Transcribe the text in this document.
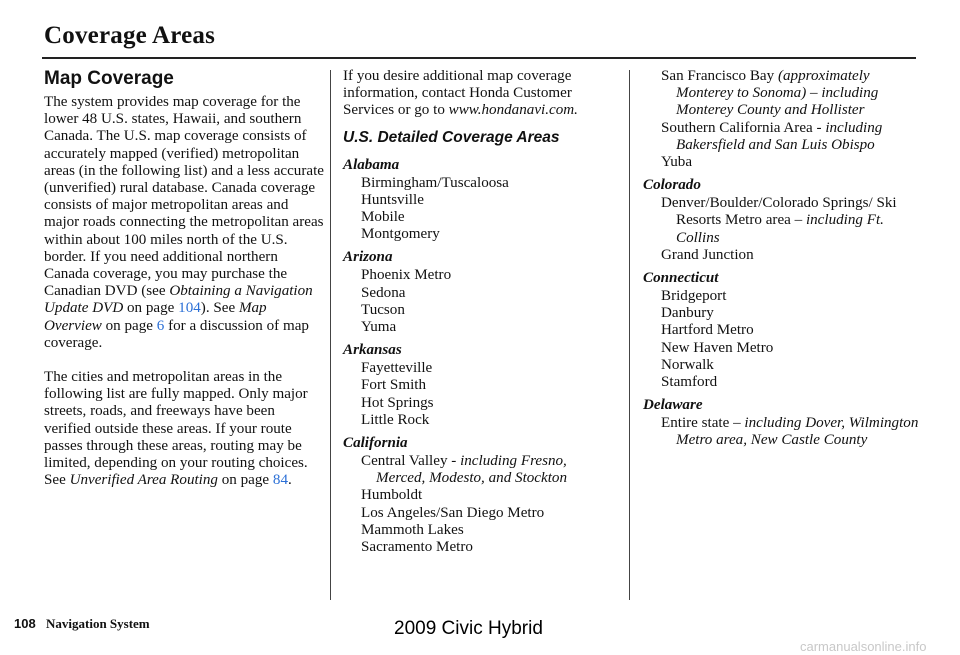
Coverage Areas
Map Coverage

The system provides map coverage for the lower 48 U.S. states, Hawaii, and southern Canada. The U.S. map coverage consists of accurately mapped (verified) metropolitan areas (in the following list) and a less accurate (unverified) rural database. Canada coverage consists of major metropolitan areas and major roads connecting the metropolitan areas within about 100 miles north of the U.S. border. If you need additional northern Canada coverage, you may purchase the Canadian DVD (see Obtaining a Navigation Update DVD on page 104). See Map Overview on page 6 for a discussion of map coverage.

The cities and metropolitan areas in the following list are fully mapped. Only major streets, roads, and freeways have been verified outside these areas. If your route passes through these areas, routing may be limited, depending on your routing choices. See Unverified Area Routing on page 84.

If you desire additional map coverage information, contact Honda Customer Services or go to www.hondanavi.com.

U.S. Detailed Coverage Areas
Alabama
Birmingham/Tuscaloosa
Huntsville
Mobile
Montgomery
Arizona
Phoenix Metro
Sedona
Tucson
Yuma
Arkansas
Fayetteville
Fort Smith
Hot Springs
Little Rock
California
Central Valley - including Fresno, Merced, Modesto, and Stockton
Humboldt
Los Angeles/San Diego Metro
Mammoth Lakes
Sacramento Metro
San Francisco Bay (approximately Monterey to Sonoma) – including Monterey County and Hollister
Southern California Area - including Bakersfield and San Luis Obispo
Yuba
Colorado
Denver/Boulder/Colorado Springs/ Ski Resorts Metro area – including Ft. Collins
Grand Junction
Connecticut
Bridgeport
Danbury
Hartford Metro
New Haven Metro
Norwalk
Stamford
Delaware
Entire state – including Dover, Wilmington Metro area, New Castle County
108 Navigation System	2009 Civic Hybrid
carmanualsonline.info
